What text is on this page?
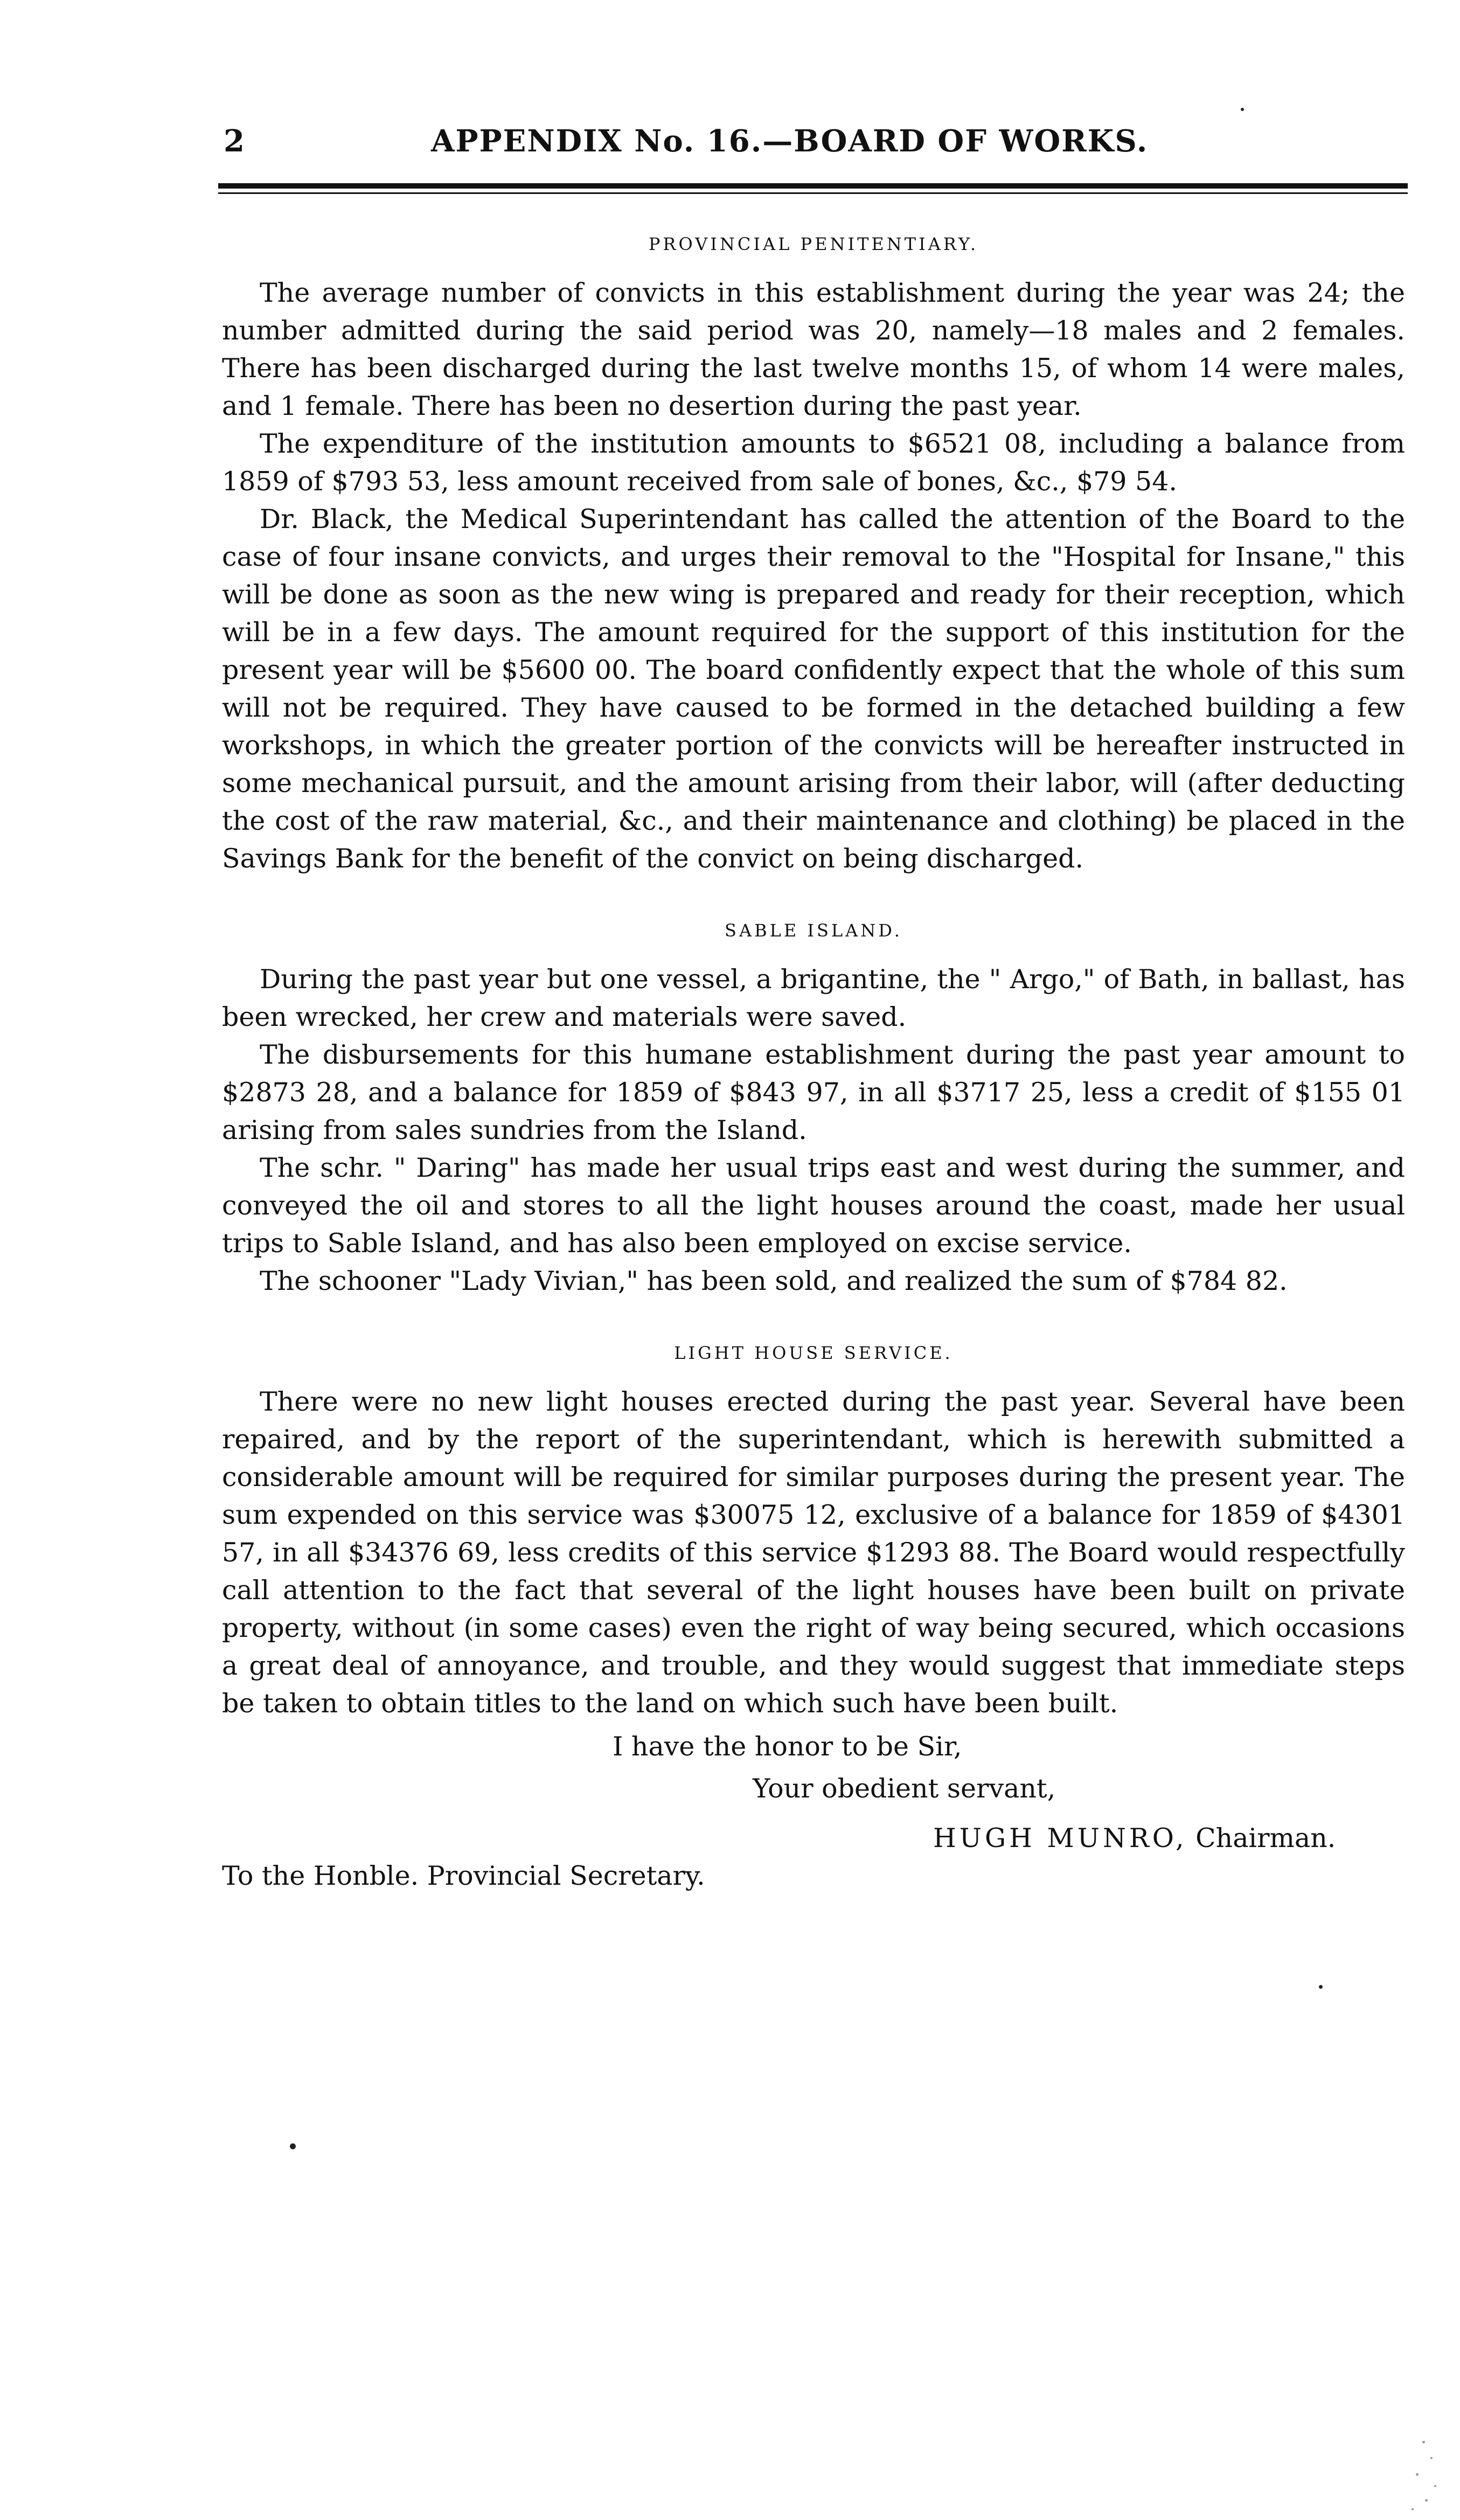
2	APPENDIX No. 16.—BOARD OF WORKS.
PROVINCIAL PENITENTIARY.

The average number of convicts in this establishment during the year was 24; the number admitted during the said period was 20, namely—18 males and 2 females. There has been discharged during the last twelve months 15, of whom 14 were males, and 1 female. There has been no desertion during the past year.

The expenditure of the institution amounts to $6521 08, including a balance from 1859 of $793 53, less amount received from sale of bones, &c., $79 54.

Dr. Black, the Medical Superintendant has called the attention of the Board to the case of four insane convicts, and urges their removal to the "Hospital for Insane," this will be done as soon as the new wing is prepared and ready for their reception, which will be in a few days. The amount required for the support of this institution for the present year will be $5600 00. The board confidently expect that the whole of this sum will not be required. They have caused to be formed in the detached building a few workshops, in which the greater portion of the convicts will be hereafter instructed in some mechanical pursuit, and the amount arising from their labor, will (after deducting the cost of the raw material, &c., and their maintenance and clothing) be placed in the Savings Bank for the benefit of the convict on being discharged.

SABLE ISLAND.

During the past year but one vessel, a brigantine, the " Argo," of Bath, in ballast, has been wrecked, her crew and materials were saved.

The disbursements for this humane establishment during the past year amount to $2873 28, and a balance for 1859 of $843 97, in all $3717 25, less a credit of $155 01 arising from sales sundries from the Island.

The schr. " Daring" has made her usual trips east and west during the summer, and conveyed the oil and stores to all the light houses around the coast, made her usual trips to Sable Island, and has also been employed on excise service.

The schooner "Lady Vivian," has been sold, and realized the sum of $784 82.

LIGHT HOUSE SERVICE.

There were no new light houses erected during the past year. Several have been repaired, and by the report of the superintendant, which is herewith submitted a considerable amount will be required for similar purposes during the present year. The sum expended on this service was $30075 12, exclusive of a balance for 1859 of $4301 57, in all $34376 69, less credits of this service $1293 88. The Board would respectfully call attention to the fact that several of the light houses have been built on private property, without (in some cases) even the right of way being secured, which occasions a great deal of annoyance, and trouble, and they would suggest that immediate steps be taken to obtain titles to the land on which such have been built.

I have the honor to be Sir,
Your obedient servant,
HUGH MUNRO, Chairman.
To the Honble. Provincial Secretary.
